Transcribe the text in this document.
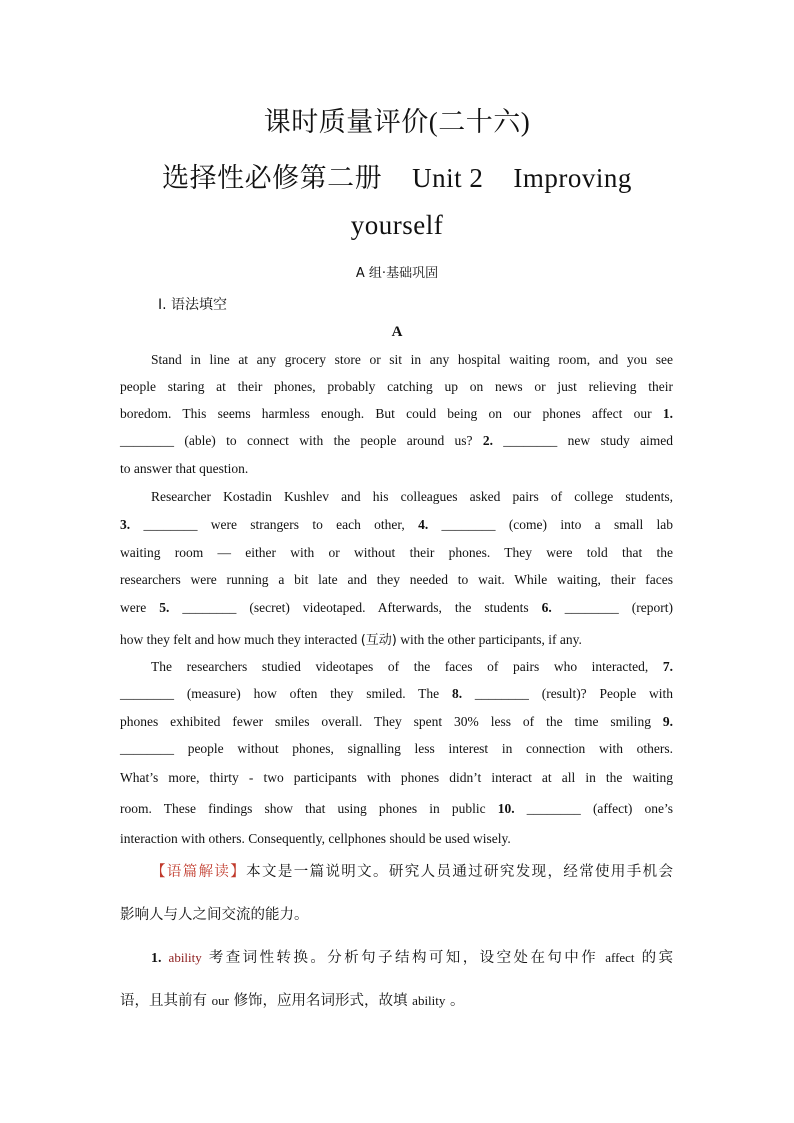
课时质量评价(二十六)
选择性必修第二册 Unit 2 Improving
yourself
A 组·基础巩固
Ⅰ. 语法填空
A
Stand in line at any grocery store or sit in any hospital waiting room, and you see
people staring at their phones, probably catching up on news or just relieving their
boredom. This seems harmless enough. But could being on our phones affect our 1.
________ (able) to connect with the people around us? 2. ________ new study aimed
to answer that question.
Researcher Kostadin Kushlev and his colleagues asked pairs of college students,
3. ________ were strangers to each other, 4. ________ (come) into a small lab
waiting room — either with or without their phones. They were told that the
researchers were running a bit late and they needed to wait. While waiting, their faces
were 5. ________ (secret) videotaped. Afterwards, the students 6. ________ (report)
how they felt and how much they interacted (互动) with the other participants, if any.
The researchers studied videotapes of the faces of pairs who interacted, 7.
________ (measure) how often they smiled. The 8. ________ (result)? People with
phones exhibited fewer smiles overall. They spent 30% less of the time smiling 9.
________ people without phones, signalling less interest in connection with others.
What’s more, thirty - two participants with phones didn’t interact at all in the waiting
room. These findings show that using phones in public 10. ________ (affect) one’s
interaction with others. Consequently, cellphones should be used wisely.
【语篇解读】本文是一篇说明文。研究人员通过研究发现，经常使用手机会
影响人与人之间交流的能力。
1. ability 考查词性转换。分析句子结构可知，设空处在句中作 affect 的宾
语，且其前有 our 修饰，应用名词形式，故填 ability 。
